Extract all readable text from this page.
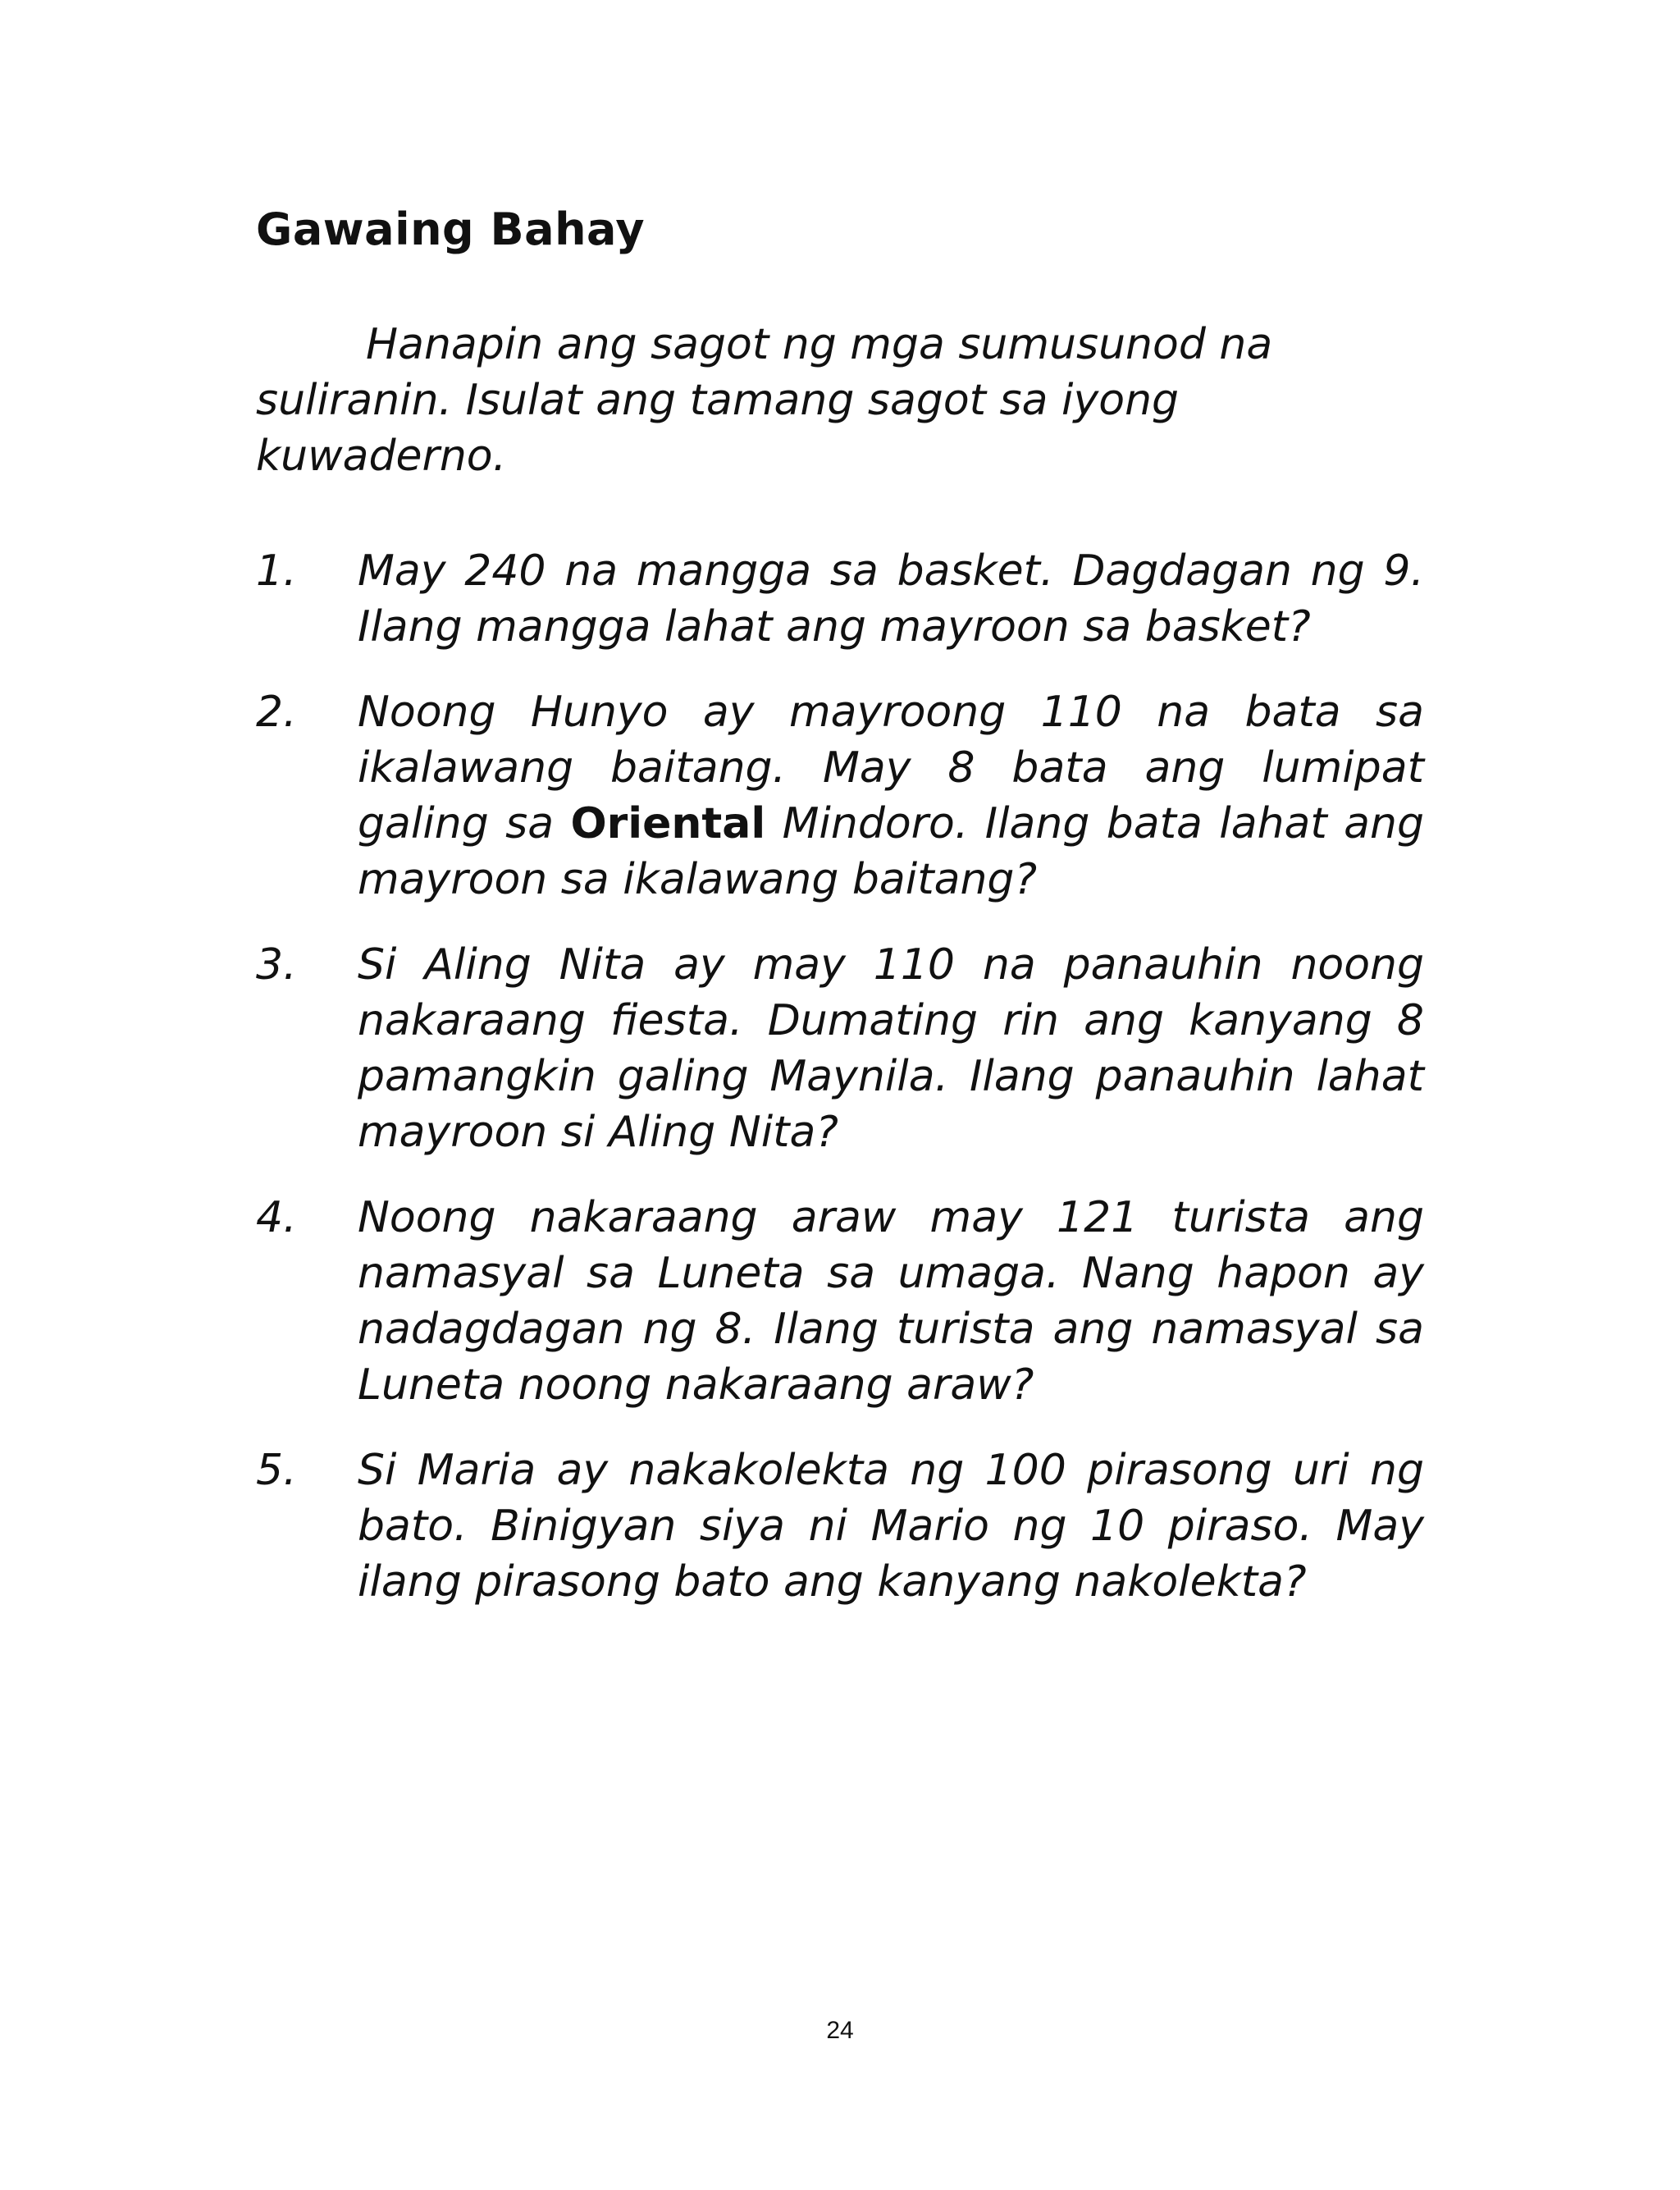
Gawaing Bahay

Hanapin ang sagot ng mga sumusunod na suliranin. Isulat ang tamang sagot sa iyong kuwaderno.

1. May 240 na mangga sa basket. Dagdagan ng 9. Ilang mangga lahat ang mayroon sa basket?
2. Noong Hunyo ay mayroong 110 na bata sa ikalawang baitang. May 8 bata ang lumipat galing sa Oriental Mindoro. Ilang bata lahat ang mayroon sa ikalawang baitang?
3. Si Aling Nita ay may 110 na panauhin noong nakaraang fiesta. Dumating rin ang kanyang 8 pamangkin galing Maynila. Ilang panauhin lahat mayroon si Aling Nita?
4. Noong nakaraang araw may 121 turista ang namasyal sa Luneta sa umaga. Nang hapon ay nadagdagan ng 8. Ilang turista ang namasyal sa Luneta noong nakaraang araw?
5. Si Maria ay nakakolekta ng 100 pirasong uri ng bato. Binigyan siya ni Mario ng 10 piraso. May ilang pirasong bato ang kanyang nakolekta?
24
